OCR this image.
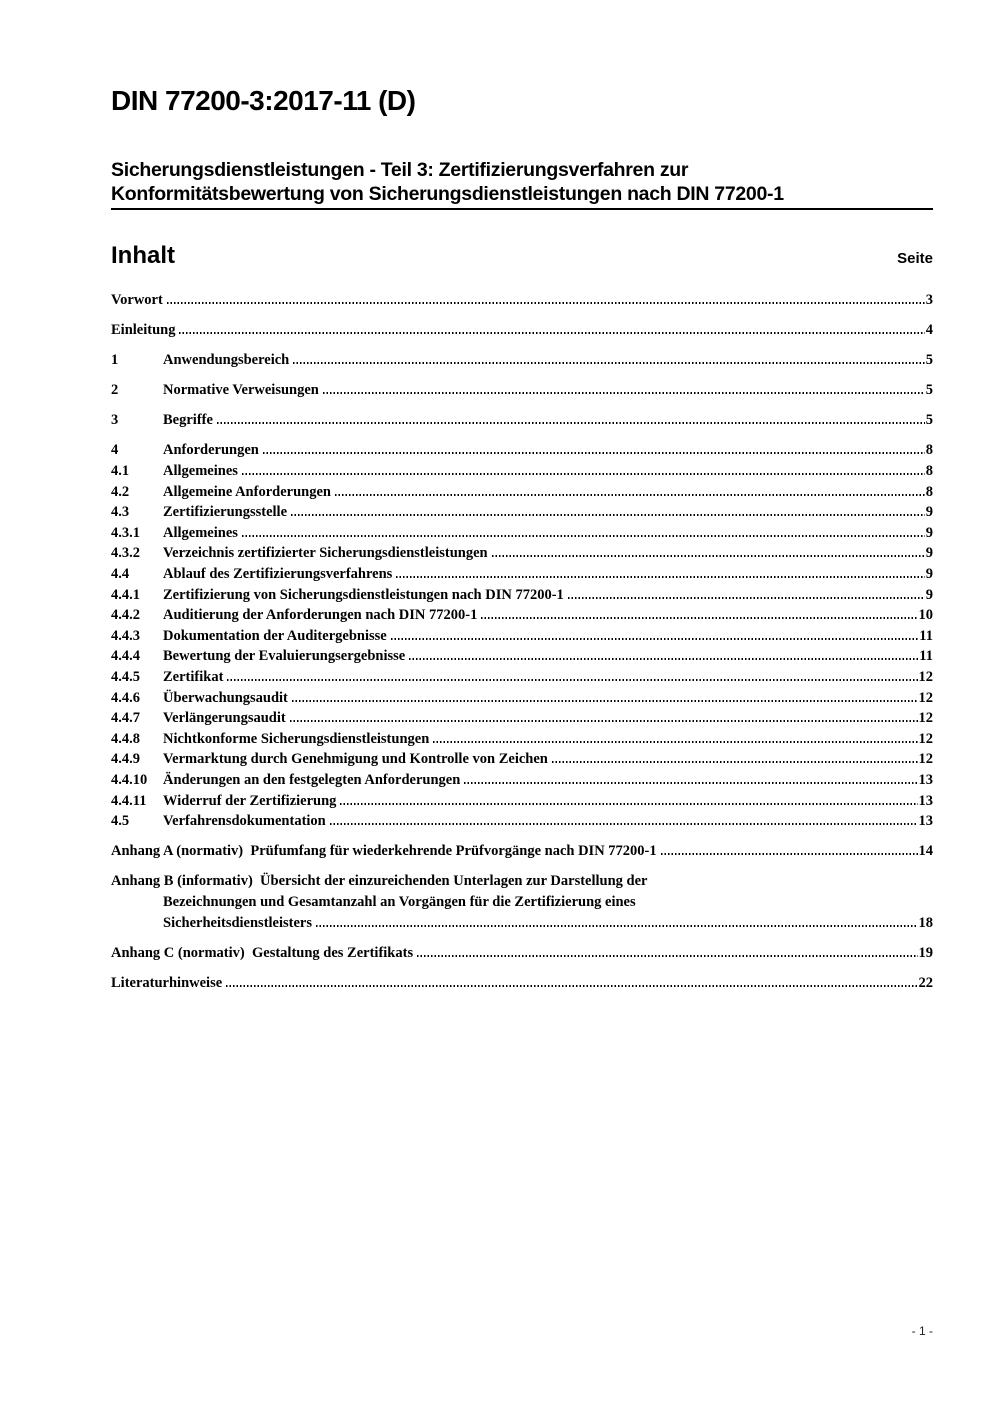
DIN 77200-3:2017-11 (D)
Sicherungsdienstleistungen - Teil 3: Zertifizierungsverfahren zur
Konformitätsbewertung von Sicherungsdienstleistungen nach DIN 77200-1
Inhalt	Seite
Vorwort	3
Einleitung	4
1	Anwendungsbereich	5
2	Normative Verweisungen	5
3	Begriffe	5
4	Anforderungen	8
4.1	Allgemeines	8
4.2	Allgemeine Anforderungen	8
4.3	Zertifizierungsstelle	9
4.3.1	Allgemeines	9
4.3.2	Verzeichnis zertifizierter Sicherungsdienstleistungen	9
4.4	Ablauf des Zertifizierungsverfahrens	9
4.4.1	Zertifizierung von Sicherungsdienstleistungen nach DIN 77200-1	9
4.4.2	Auditierung der Anforderungen nach DIN 77200-1	10
4.4.3	Dokumentation der Auditergebnisse	11
4.4.4	Bewertung der Evaluierungsergebnisse	11
4.4.5	Zertifikat	12
4.4.6	Überwachungsaudit	12
4.4.7	Verlängerungsaudit	12
4.4.8	Nichtkonforme Sicherungsdienstleistungen	12
4.4.9	Vermarktung durch Genehmigung und Kontrolle von Zeichen	12
4.4.10	Änderungen an den festgelegten Anforderungen	13
4.4.11	Widerruf der Zertifizierung	13
4.5	Verfahrensdokumentation	13
Anhang A (normativ)  Prüfumfang für wiederkehrende Prüfvorgänge nach DIN 77200-1	14
Anhang B (informativ)  Übersicht der einzureichenden Unterlagen zur Darstellung der
Bezeichnungen und Gesamtanzahl an Vorgängen für die Zertifizierung eines
Sicherheitsdienstleisters	18
Anhang C (normativ)  Gestaltung des Zertifikats	19
Literaturhinweise	22
- 1 -
